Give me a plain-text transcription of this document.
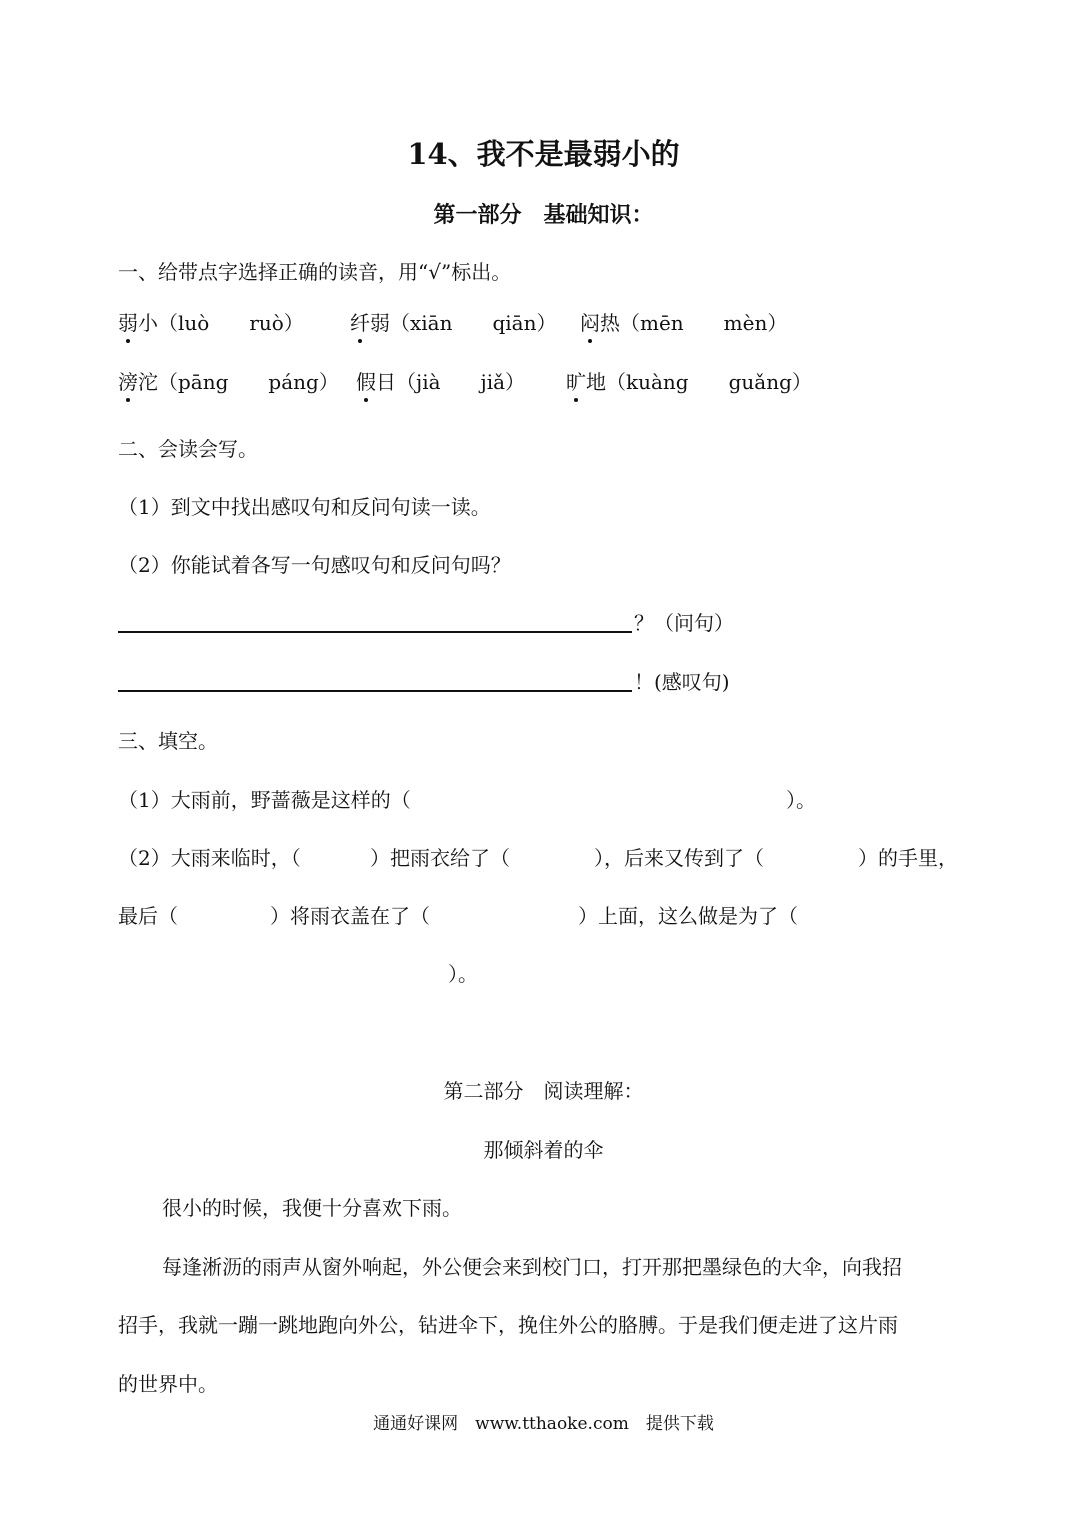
14、我不是最弱小的
第一部分　基础知识：
一、给带点字选择正确的读音，用“√”标出。
弱小（luò　　ruò） 纤弱（xiān　　qiān） 闷热（mēn　　mèn）
滂沱（pāng　　páng） 假日（jià　　jiǎ） 旷地（kuàng　　guǎng）
二、会读会写。
（1）到文中找出感叹句和反问句读一读。
（2）你能试着各写一句感叹句和反问句吗？
？（问句）
！(感叹句)
三、填空。
（1）大雨前，野蔷薇是这样的（	）。
（2）大雨来临时，（	）把雨衣给了（	），后来又传到了（	）的手里，
最后（	）将雨衣盖在了（	）上面，这么做是为了（
）。
第二部分　阅读理解：
那倾斜着的伞
很小的时候，我便十分喜欢下雨。
每逢淅沥的雨声从窗外响起，外公便会来到校门口，打开那把墨绿色的大伞，向我招
招手，我就一蹦一跳地跑向外公，钻进伞下，挽住外公的胳膊。于是我们便走进了这片雨
的世界中。
通通好课网　www.tthaoke.com　提供下载
